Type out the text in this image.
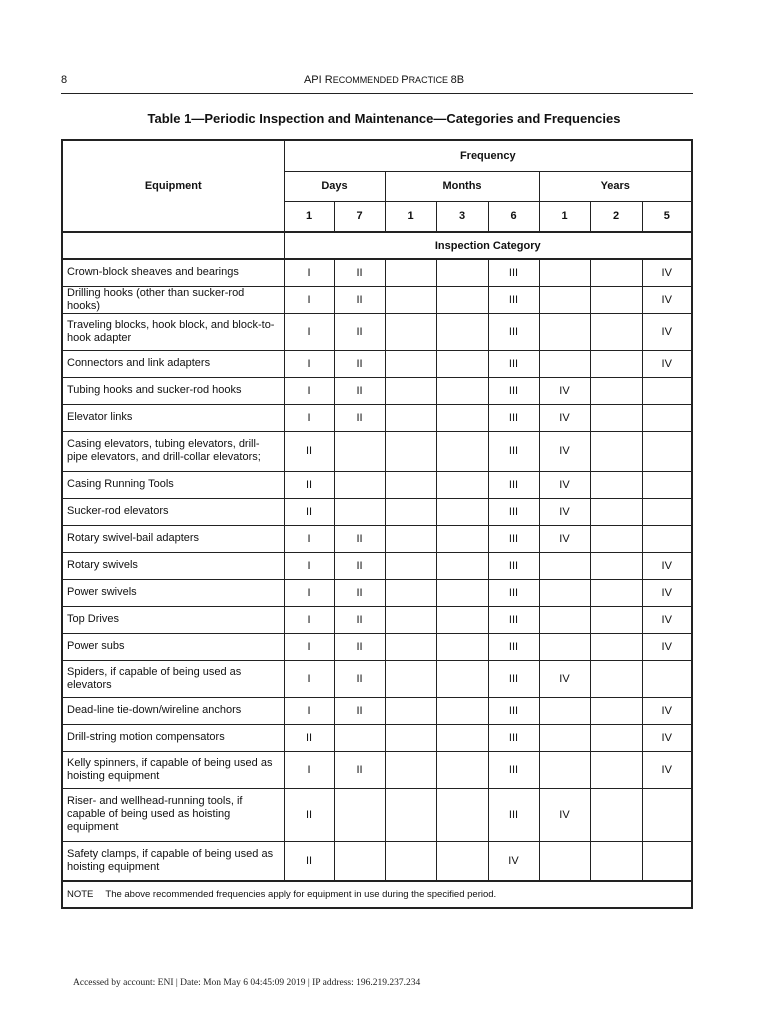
8	API RECOMMENDED PRACTICE 8B
Table 1—Periodic Inspection and Maintenance—Categories and Frequencies
Equipment	Frequency							
	Days		Months			Years		
	1	7	1	3	6	1	2	5
	Inspection Category							
Crown-block sheaves and bearings	I	II			III			IV
Drilling hooks (other than sucker-rod hooks)	I	II			III			IV
Traveling blocks, hook block, and block-to-hook adapter	I	II			III			IV
Connectors and link adapters	I	II			III			IV
Tubing hooks and sucker-rod hooks	I	II			III	IV		
Elevator links	I	II			III	IV		
Casing elevators, tubing elevators, drill-pipe elevators, and drill-collar elevators;	II				III	IV		
Casing Running Tools	II				III	IV		
Sucker-rod elevators	II				III	IV		
Rotary swivel-bail adapters	I	II			III	IV		
Rotary swivels	I	II			III			IV
Power swivels	I	II			III			IV
Top Drives	I	II			III			IV
Power subs	I	II			III			IV
Spiders, if capable of being used as elevators	I	II			III	IV		
Dead-line tie-down/wireline anchors	I	II			III			IV
Drill-string motion compensators	II				III			IV
Kelly spinners, if capable of being used as hoisting equipment	I	II			III			IV
Riser- and wellhead-running tools, if capable of being used as hoisting equipment	II				III	IV		
Safety clamps, if capable of being used as hoisting equipment	II				IV			
NOTE The above recommended frequencies apply for equipment in use during the specified period.								
Accessed by account: ENI | Date: Mon May 6 04:45:09 2019 | IP address: 196.219.237.234
